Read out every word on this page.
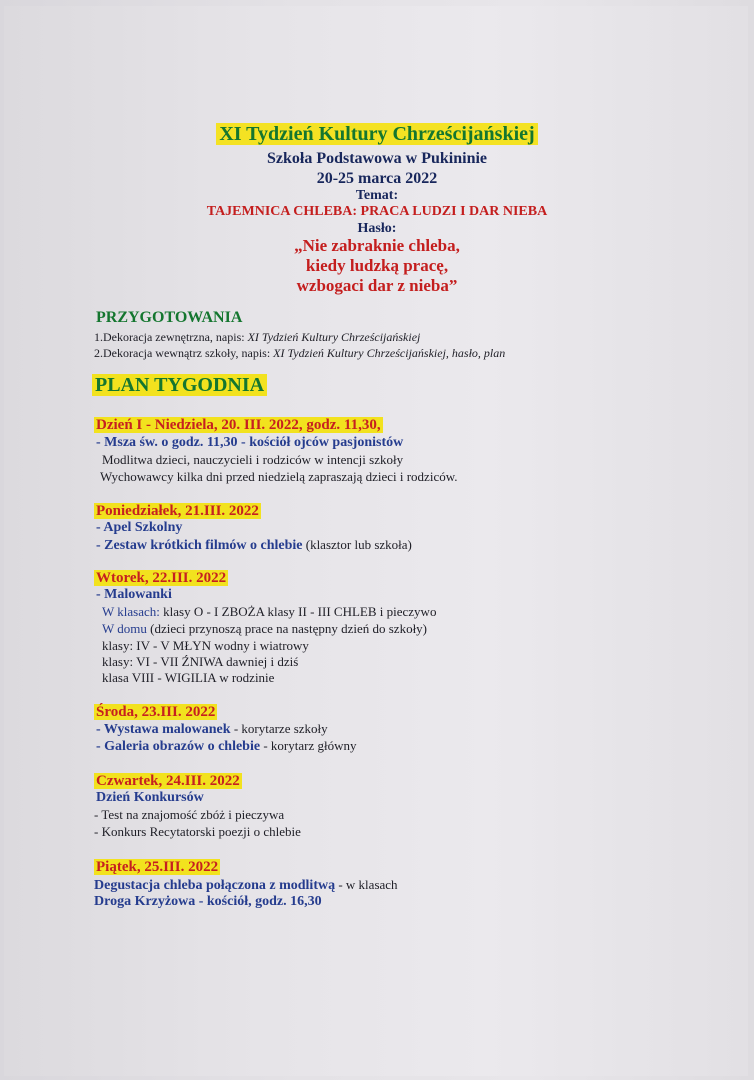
XI Tydzień Kultury Chrześcijańskiej
Szkoła Podstawowa w Pukininie
20-25 marca 2022
Temat:
TAJEMNICA CHLEBA: PRACA LUDZI I DAR NIEBA
Hasło:
„Nie zabraknie chleba,
kiedy ludzką pracę,
wzbogaci dar z nieba”
PRZYGOTOWANIA
1.Dekoracja zewnętrzna, napis: XI Tydzień Kultury Chrześcijańskiej
2.Dekoracja wewnątrz szkoły, napis: XI Tydzień Kultury Chrześcijańskiej, hasło, plan
PLAN TYGODNIA
Dzień I - Niedziela, 20. III. 2022, godz. 11,30,
- Msza św. o godz. 11,30 - kościół ojców pasjonistów
Modlitwa dzieci, nauczycieli i rodziców w intencji szkoły
Wychowawcy kilka dni przed niedzielą zapraszają dzieci i rodziców.
Poniedziałek, 21.III. 2022
- Apel Szkolny
- Zestaw krótkich filmów o chlebie (klasztor lub szkoła)
Wtorek, 22.III. 2022
- Malowanki
W klasach: klasy O - I ZBOŻA klasy II - III CHLEB i pieczywo
W domu (dzieci przynoszą prace na następny dzień do szkoły)
klasy: IV - V MŁYN wodny i wiatrowy
klasy: VI - VII ŹNIWA dawniej i dziś
klasa VIII - WIGILIA w rodzinie
Środa, 23.III. 2022
- Wystawa malowanek - korytarze szkoły
- Galeria obrazów o chlebie - korytarz główny
Czwartek, 24.III. 2022
Dzień Konkursów
- Test na znajomość zbóż i pieczywa
- Konkurs Recytatorski poezji o chlebie
Piątek, 25.III. 2022
Degustacja chleba połączona z modlitwą - w klasach
Droga Krzyżowa - kościół, godz. 16,30
